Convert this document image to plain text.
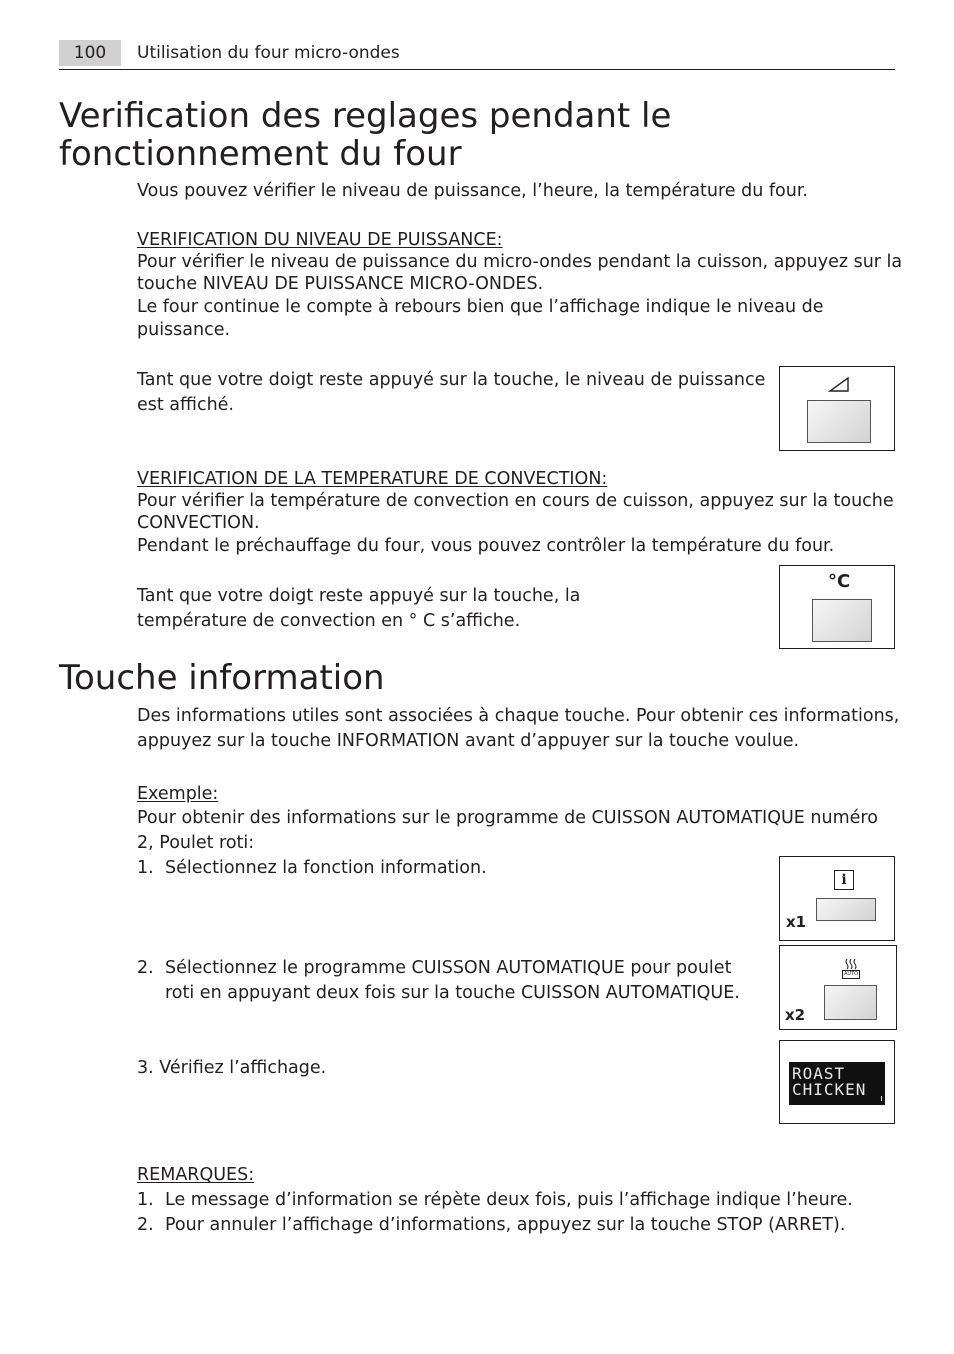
100	Utilisation du four micro-ondes
Verification des reglages pendant le fonctionnement du four

Vous pouvez vérifier le niveau de puissance, l’heure, la température du four.

VERIFICATION DU NIVEAU DE PUISSANCE:

Pour vérifier le niveau de puissance du micro-ondes pendant la cuisson, appuyez sur la

touche NIVEAU DE PUISSANCE MICRO-ONDES.

Le four continue le compte à rebours bien que l’affichage indique le niveau de

puissance.

Tant que votre doigt reste appuyé sur la touche, le niveau de puissance

est affiché.

VERIFICATION DE LA TEMPERATURE DE CONVECTION:

Pour vérifier la température de convection en cours de cuisson, appuyez sur la touche

CONVECTION.

Pendant le préchauffage du four, vous pouvez contrôler la température du four.

Tant que votre doigt reste appuyé sur la touche, la

température de convection en ° C s’affiche.

°C
Touche information

Des informations utiles sont associées à chaque touche. Pour obtenir ces informations,

appuyez sur la touche INFORMATION avant d’appuyer sur la touche voulue.

Exemple:

Pour obtenir des informations sur le programme de CUISSON AUTOMATIQUE numéro

2, Poulet roti:

1. Sélectionnez la fonction information.

i
x1

2. Sélectionnez le programme CUISSON AUTOMATIQUE pour poulet

roti en appuyant deux fois sur la touche CUISSON AUTOMATIQUE.

AUTO
x2

3. Vérifiez l’affichage.	ROAST
CHICKEN
REMARQUES:

1. Le message d’information se répète deux fois, puis l’affichage indique l’heure.

2. Pour annuler l’affichage d’informations, appuyez sur la touche STOP (ARRET).
